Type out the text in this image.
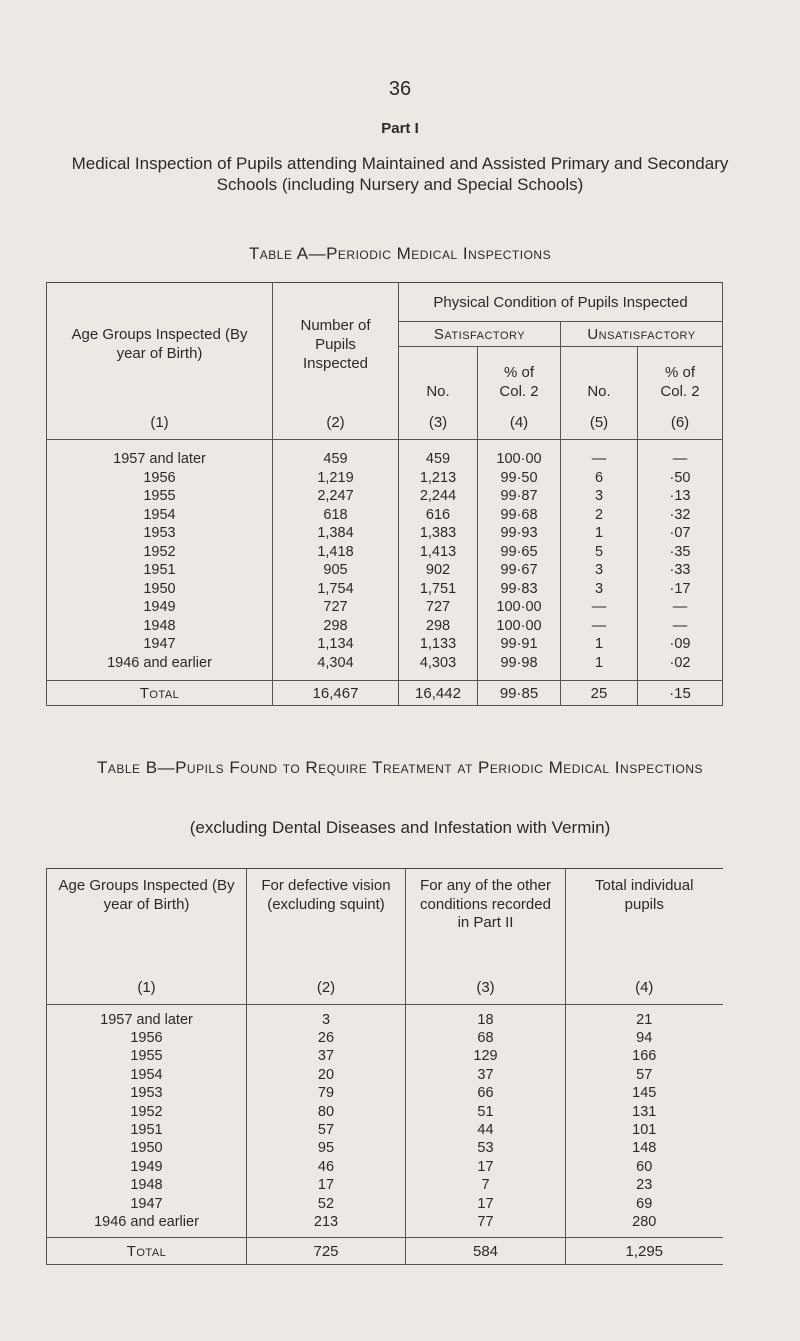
36
Part I
Medical Inspection of Pupils attending Maintained and Assisted Primary and Secondary Schools (including Nursery and Special Schools)
Table A—Periodic Medical Inspections
Age Groups Inspected (By year of Birth)	Number of Pupils Inspected	Physical Condition of Pupils Inspected			
		Satisfactory		Unsatisfactory	
		No.	% of Col. 2	No.	% of Col. 2
(1)	(2)	(3)	(4)	(5)	(6)
1957 and later	459	459	100·00	—	—
1956	1,219	1,213	99·50	6	·50
1955	2,247	2,244	99·87	3	·13
1954	618	616	99·68	2	·32
1953	1,384	1,383	99·93	1	·07
1952	1,418	1,413	99·65	5	·35
1951	905	902	99·67	3	·33
1950	1,754	1,751	99·83	3	·17
1949	727	727	100·00	—	—
1948	298	298	100·00	—	—
1947	1,134	1,133	99·91	1	·09
1946 and earlier	4,304	4,303	99·98	1	·02
Total	16,467	16,442	99·85	25	·15
Table B—Pupils Found to Require Treatment at Periodic Medical Inspections
(excluding Dental Diseases and Infestation with Vermin)
Age Groups Inspected (By year of Birth)	For defective vision (excluding squint)	For any of the other conditions recorded in Part II	Total individual pupils
(1)	(2)	(3)	(4)
1957 and later	3	18	21
1956	26	68	94
1955	37	129	166
1954	20	37	57
1953	79	66	145
1952	80	51	131
1951	57	44	101
1950	95	53	148
1949	46	17	60
1948	17	7	23
1947	52	17	69
1946 and earlier	213	77	280
Total	725	584	1,295
